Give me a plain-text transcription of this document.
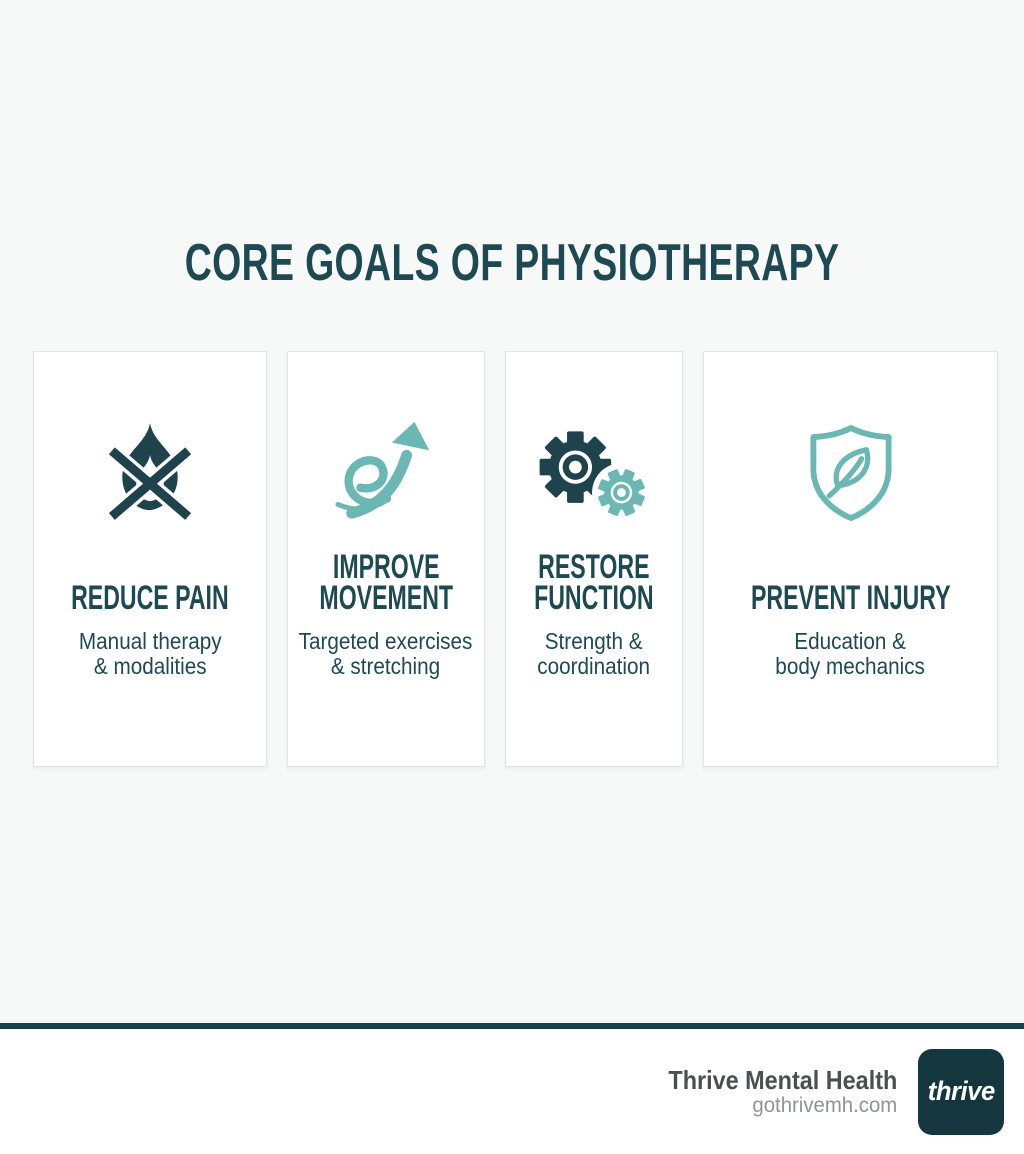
CORE GOALS OF PHYSIOTHERAPY
REDUCE PAIN

Manual therapy
& modalities

IMPROVE
MOVEMENT

Targeted exercises
& stretching

RESTORE
FUNCTION

Strength &
coordination

PREVENT INJURY

Education &
body mechanics

Thrive Mental Health
gothrivemh.com thrive
